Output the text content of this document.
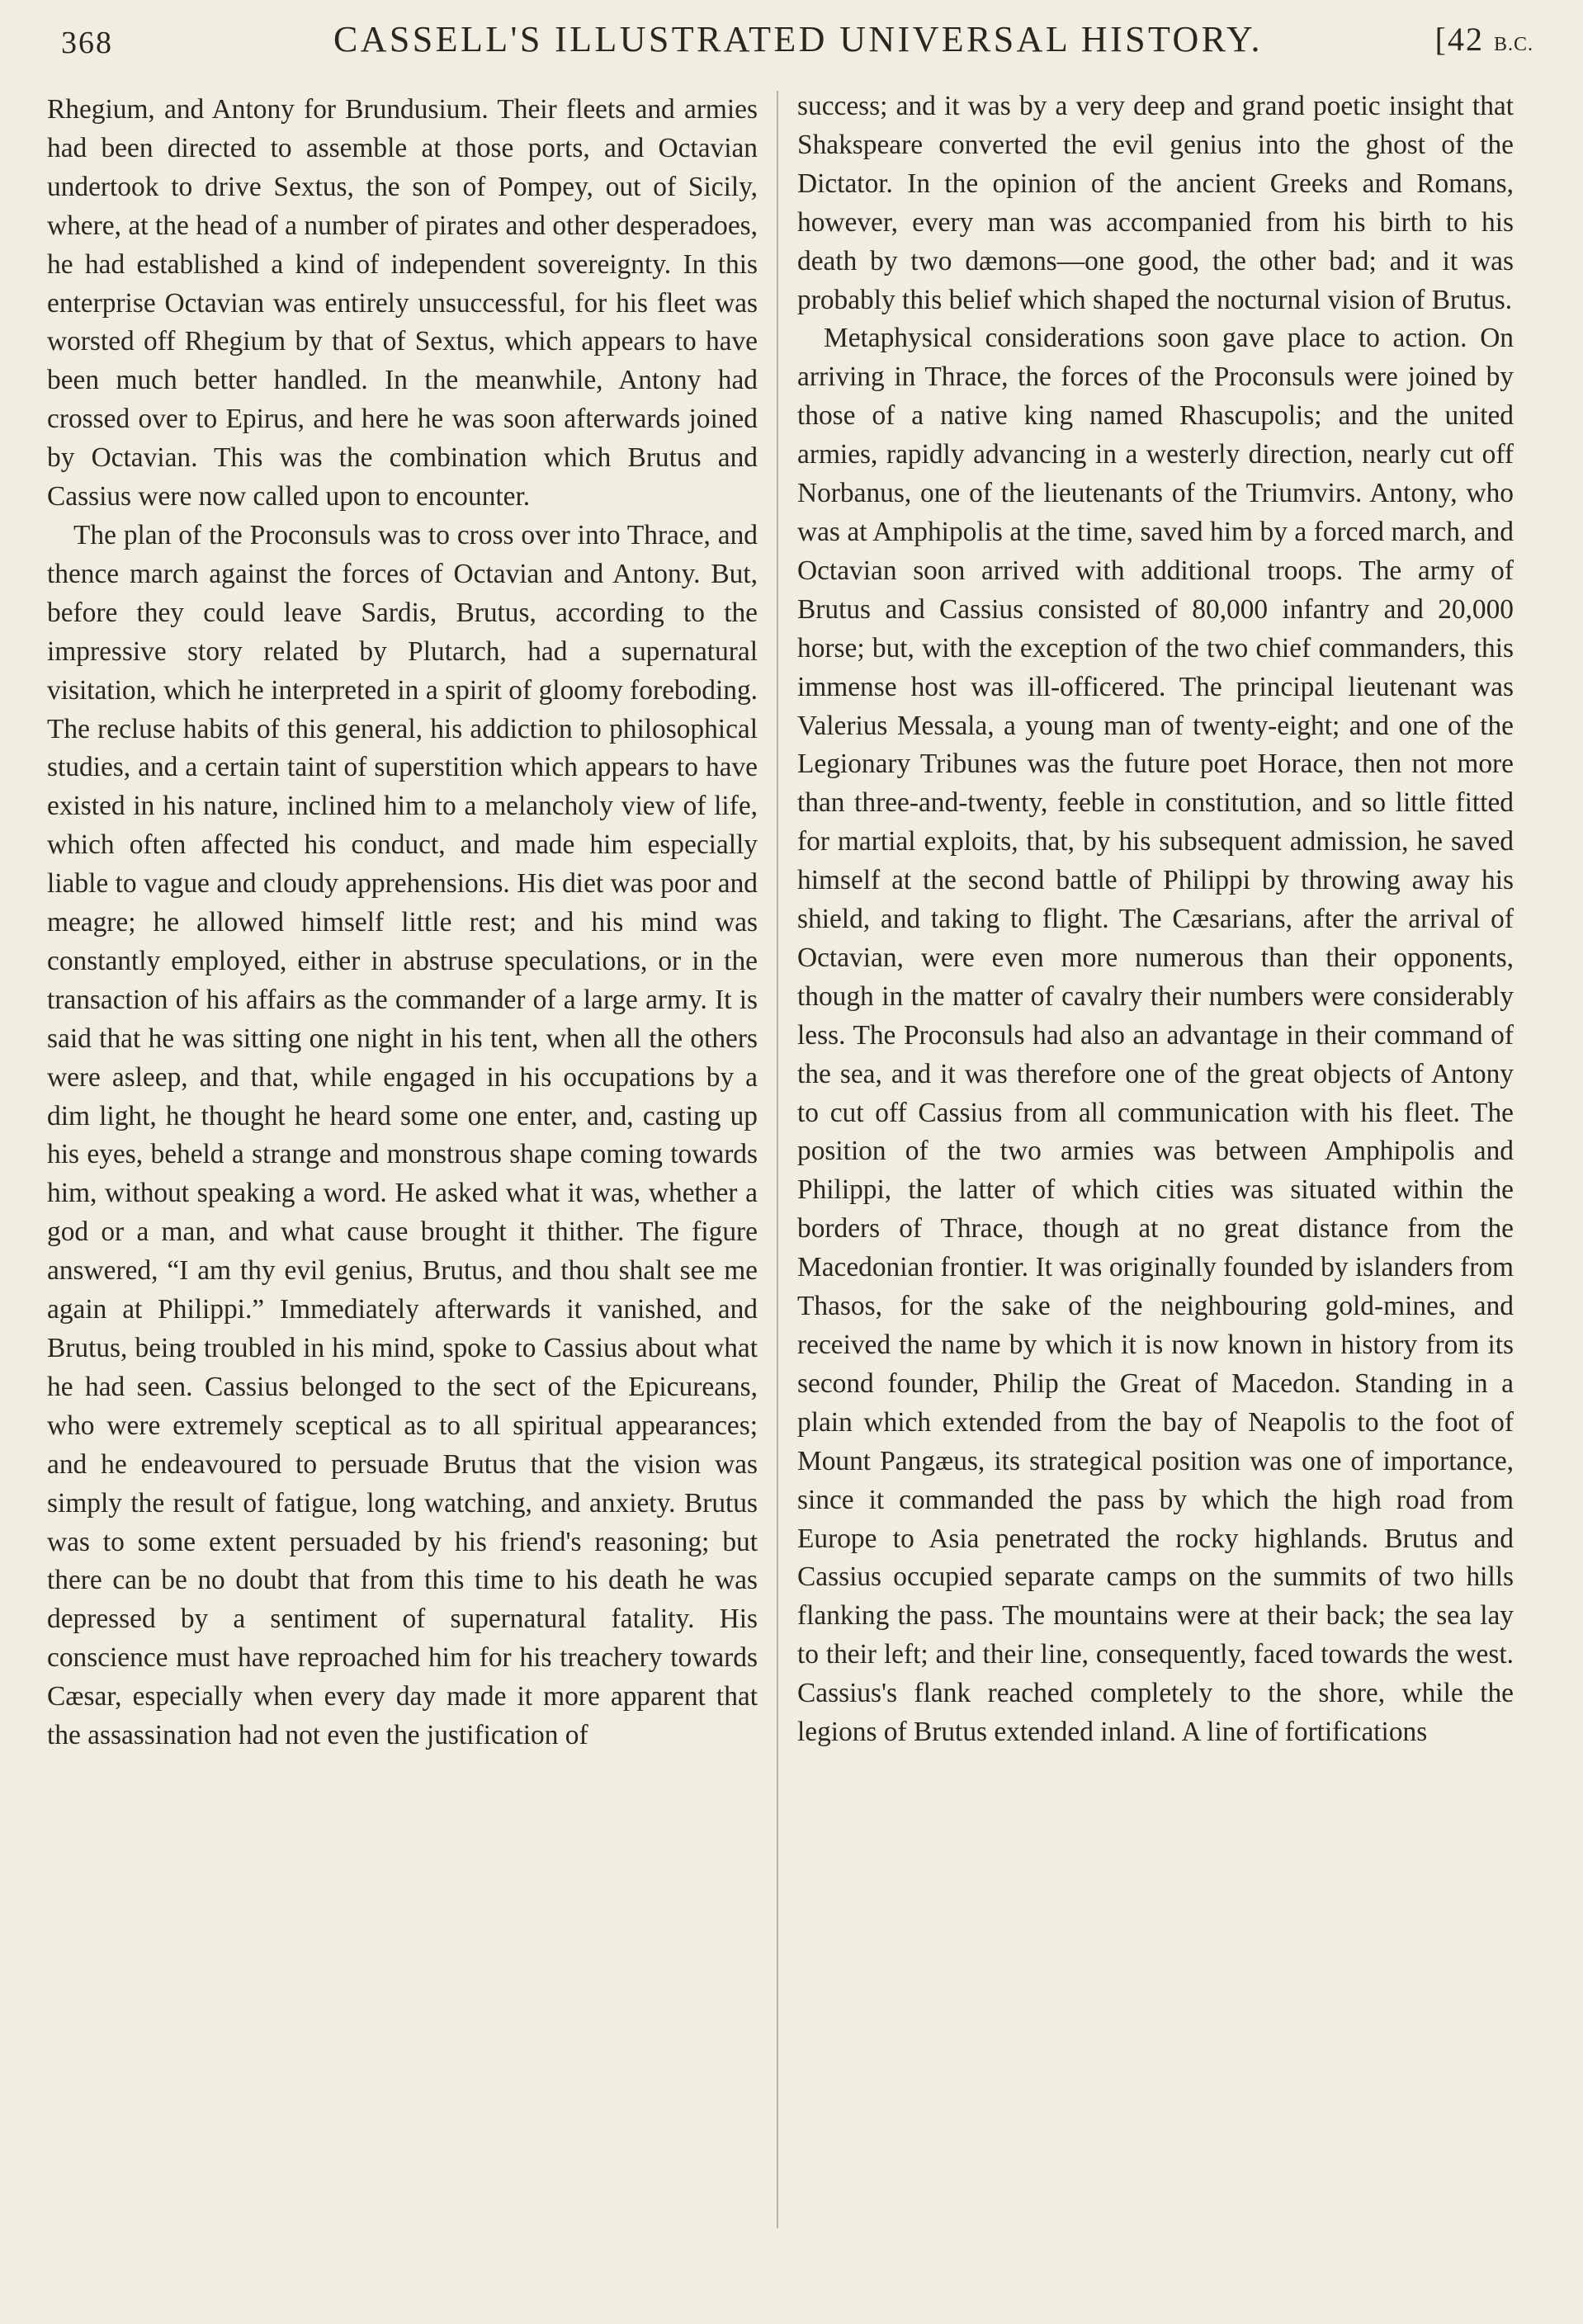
368	CASSELL'S ILLUSTRATED UNIVERSAL HISTORY.	[42 B.C.

Rhegium, and Antony for Brundusium. Their fleets and armies had been directed to assemble at those ports, and Octavian undertook to drive Sextus, the son of Pompey, out of Sicily, where, at the head of a number of pirates and other desperadoes, he had established a kind of independent sovereignty. In this enterprise Octavian was entirely unsuccessful, for his fleet was worsted off Rhegium by that of Sextus, which appears to have been much better handled. In the meanwhile, Antony had crossed over to Epirus, and here he was soon afterwards joined by Octavian. This was the combination which Brutus and Cassius were now called upon to encounter.

The plan of the Proconsuls was to cross over into Thrace, and thence march against the forces of Octavian and Antony. But, before they could leave Sardis, Brutus, according to the impressive story related by Plutarch, had a supernatural visitation, which he interpreted in a spirit of gloomy foreboding. The recluse habits of this general, his addiction to philosophical studies, and a certain taint of superstition which appears to have existed in his nature, inclined him to a melancholy view of life, which often affected his conduct, and made him especially liable to vague and cloudy apprehensions. His diet was poor and meagre; he allowed himself little rest; and his mind was constantly employed, either in abstruse speculations, or in the transaction of his affairs as the commander of a large army. It is said that he was sitting one night in his tent, when all the others were asleep, and that, while engaged in his occupations by a dim light, he thought he heard some one enter, and, casting up his eyes, beheld a strange and monstrous shape coming towards him, without speaking a word. He asked what it was, whether a god or a man, and what cause brought it thither. The figure answered, “I am thy evil genius, Brutus, and thou shalt see me again at Philippi.” Immediately afterwards it vanished, and Brutus, being troubled in his mind, spoke to Cassius about what he had seen. Cassius belonged to the sect of the Epicureans, who were extremely sceptical as to all spiritual appearances; and he endeavoured to persuade Brutus that the vision was simply the result of fatigue, long watching, and anxiety. Brutus was to some extent persuaded by his friend's reasoning; but there can be no doubt that from this time to his death he was depressed by a sentiment of supernatural fatality. His conscience must have reproached him for his treachery towards Cæsar, especially when every day made it more apparent that the assassination had not even the justification of

success; and it was by a very deep and grand poetic insight that Shakspeare converted the evil genius into the ghost of the Dictator. In the opinion of the ancient Greeks and Romans, however, every man was accompanied from his birth to his death by two dæmons—one good, the other bad; and it was probably this belief which shaped the nocturnal vision of Brutus.

Metaphysical considerations soon gave place to action. On arriving in Thrace, the forces of the Proconsuls were joined by those of a native king named Rhascupolis; and the united armies, rapidly advancing in a westerly direction, nearly cut off Norbanus, one of the lieutenants of the Triumvirs. Antony, who was at Amphipolis at the time, saved him by a forced march, and Octavian soon arrived with additional troops. The army of Brutus and Cassius consisted of 80,000 infantry and 20,000 horse; but, with the exception of the two chief commanders, this immense host was ill-officered. The principal lieutenant was Valerius Messala, a young man of twenty-eight; and one of the Legionary Tribunes was the future poet Horace, then not more than three-and-twenty, feeble in constitution, and so little fitted for martial exploits, that, by his subsequent admission, he saved himself at the second battle of Philippi by throwing away his shield, and taking to flight. The Cæsarians, after the arrival of Octavian, were even more numerous than their opponents, though in the matter of cavalry their numbers were considerably less. The Proconsuls had also an advantage in their command of the sea, and it was therefore one of the great objects of Antony to cut off Cassius from all communication with his fleet. The position of the two armies was between Amphipolis and Philippi, the latter of which cities was situated within the borders of Thrace, though at no great distance from the Macedonian frontier. It was originally founded by islanders from Thasos, for the sake of the neighbouring gold-mines, and received the name by which it is now known in history from its second founder, Philip the Great of Macedon. Standing in a plain which extended from the bay of Neapolis to the foot of Mount Pangæus, its strategical position was one of importance, since it commanded the pass by which the high road from Europe to Asia penetrated the rocky highlands. Brutus and Cassius occupied separate camps on the summits of two hills flanking the pass. The mountains were at their back; the sea lay to their left; and their line, consequently, faced towards the west. Cassius's flank reached completely to the shore, while the legions of Brutus extended inland. A line of fortifications
